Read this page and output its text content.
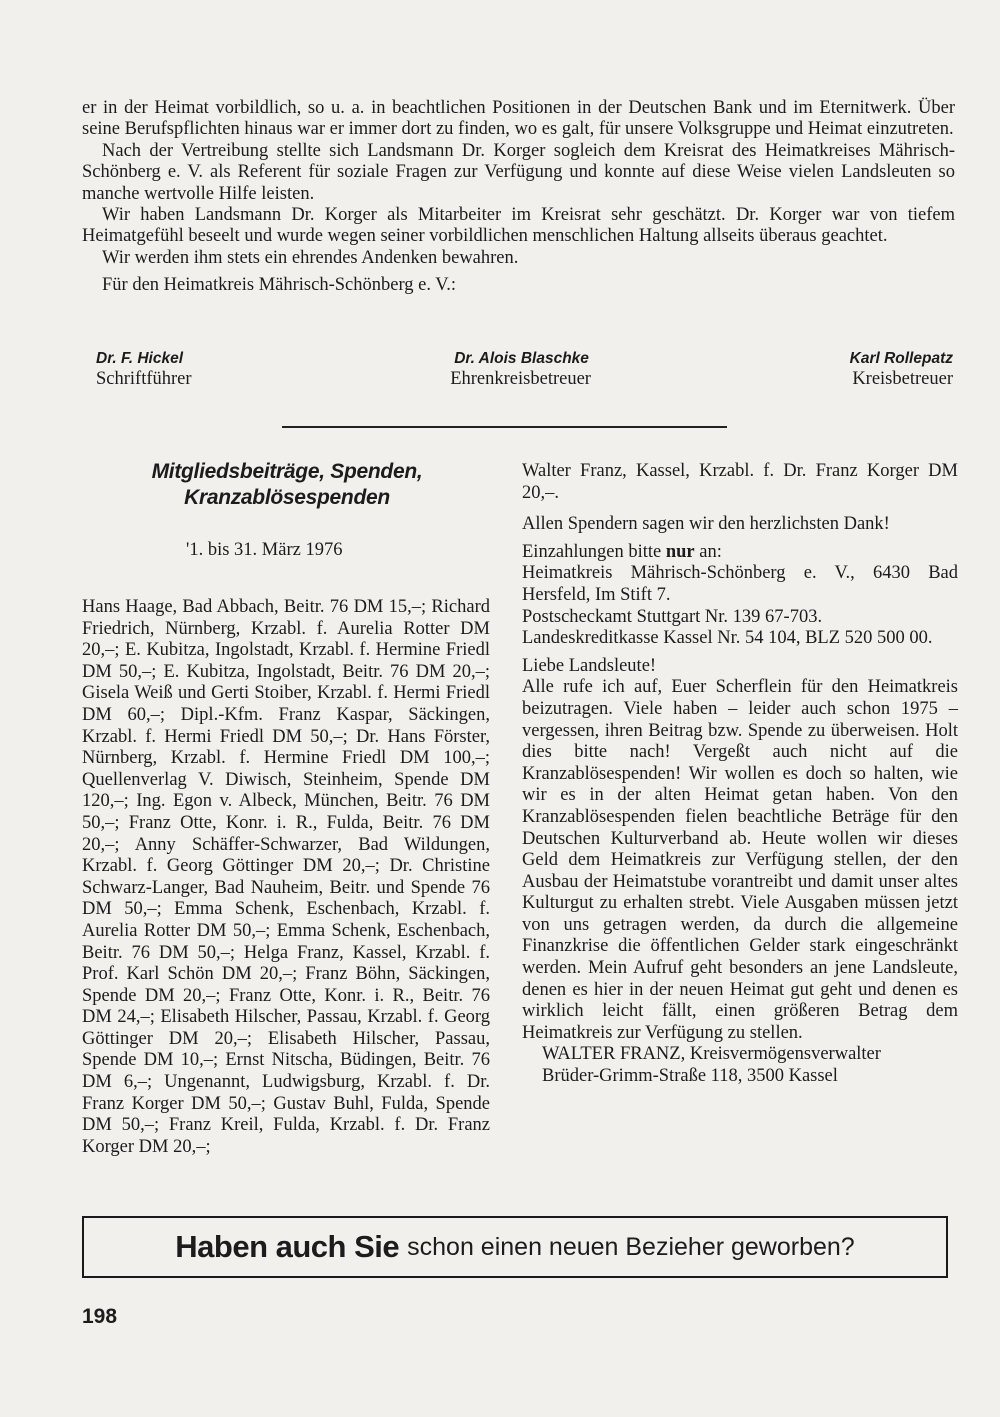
er in der Heimat vorbildlich, so u. a. in beachtlichen Positionen in der Deutschen Bank und im Eternitwerk. Über seine Berufspflichten hinaus war er immer dort zu finden, wo es galt, für unsere Volksgruppe und Heimat einzutreten.

Nach der Vertreibung stellte sich Landsmann Dr. Korger sogleich dem Kreisrat des Heimatkreises Mährisch-Schönberg e. V. als Referent für soziale Fragen zur Verfügung und konnte auf diese Weise vielen Landsleuten so manche wertvolle Hilfe leisten.

Wir haben Landsmann Dr. Korger als Mitarbeiter im Kreisrat sehr geschätzt. Dr. Korger war von tiefem Heimatgefühl beseelt und wurde wegen seiner vorbildlichen menschlichen Haltung allseits überaus geachtet.

Wir werden ihm stets ein ehrendes Andenken bewahren.

Für den Heimatkreis Mährisch-Schönberg e. V.:

Dr. F. Hickel
Schriftführer
Dr. Alois Blaschke
Ehrenkreisbetreuer
Karl Rollepatz
Kreisbetreuer
Mitgliedsbeiträge, Spenden,
Kranzablösespenden
'1. bis 31. März 1976

Hans Haage, Bad Abbach, Beitr. 76 DM 15,–; Richard Friedrich, Nürnberg, Krzabl. f. Aurelia Rotter DM 20,–; E. Kubitza, Ingolstadt, Krzabl. f. Hermine Friedl DM 50,–; E. Kubitza, Ingolstadt, Beitr. 76 DM 20,–; Gisela Weiß und Gerti Stoiber, Krzabl. f. Hermi Friedl DM 60,–; Dipl.-Kfm. Franz Kaspar, Säckingen, Krzabl. f. Hermi Friedl DM 50,–; Dr. Hans Förster, Nürnberg, Krzabl. f. Hermine Friedl DM 100,–; Quellenverlag V. Diwisch, Steinheim, Spende DM 120,–; Ing. Egon v. Albeck, München, Beitr. 76 DM 50,–; Franz Otte, Konr. i. R., Fulda, Beitr. 76 DM 20,–; Anny Schäffer-Schwarzer, Bad Wildungen, Krzabl. f. Georg Göttinger DM 20,–; Dr. Christine Schwarz-Langer, Bad Nauheim, Beitr. und Spende 76 DM 50,–; Emma Schenk, Eschenbach, Krzabl. f. Aurelia Rotter DM 50,–; Emma Schenk, Eschenbach, Beitr. 76 DM 50,–; Helga Franz, Kassel, Krzabl. f. Prof. Karl Schön DM 20,–; Franz Böhn, Säckingen, Spende DM 20,–; Franz Otte, Konr. i. R., Beitr. 76 DM 24,–; Elisabeth Hilscher, Passau, Krzabl. f. Georg Göttinger DM 20,–; Elisabeth Hilscher, Passau, Spende DM 10,–; Ernst Nitscha, Büdingen, Beitr. 76 DM 6,–; Ungenannt, Ludwigsburg, Krzabl. f. Dr. Franz Korger DM 50,–; Gustav Buhl, Fulda, Spende DM 50,–; Franz Kreil, Fulda, Krzabl. f. Dr. Franz Korger DM 20,–;

Walter Franz, Kassel, Krzabl. f. Dr. Franz Korger DM 20,–.

Allen Spendern sagen wir den herzlichsten Dank!

Einzahlungen bitte nur an:

Heimatkreis Mährisch-Schönberg e. V., 6430 Bad Hersfeld, Im Stift 7.

Postscheckamt Stuttgart Nr. 139 67-703.

Landeskreditkasse Kassel Nr. 54 104, BLZ 520 500 00.

Liebe Landsleute!

Alle rufe ich auf, Euer Scherflein für den Heimatkreis beizutragen. Viele haben – leider auch schon 1975 – vergessen, ihren Beitrag bzw. Spende zu überweisen. Holt dies bitte nach! Vergeßt auch nicht auf die Kranzablösespenden! Wir wollen es doch so halten, wie wir es in der alten Heimat getan haben. Von den Kranzablösespenden fielen beachtliche Beträge für den Deutschen Kulturverband ab. Heute wollen wir dieses Geld dem Heimatkreis zur Verfügung stellen, der den Ausbau der Heimatstube vorantreibt und damit unser altes Kulturgut zu erhalten strebt. Viele Ausgaben müssen jetzt von uns getragen werden, da durch die allgemeine Finanzkrise die öffentlichen Gelder stark eingeschränkt werden. Mein Aufruf geht besonders an jene Landsleute, denen es hier in der neuen Heimat gut geht und denen es wirklich leicht fällt, einen größeren Betrag dem Heimatkreis zur Verfügung zu stellen.

WALTER FRANZ, Kreisvermögensverwalter

Brüder-Grimm-Straße 118, 3500 Kassel

Haben auch Sie schon einen neuen Bezieher geworben?
198
